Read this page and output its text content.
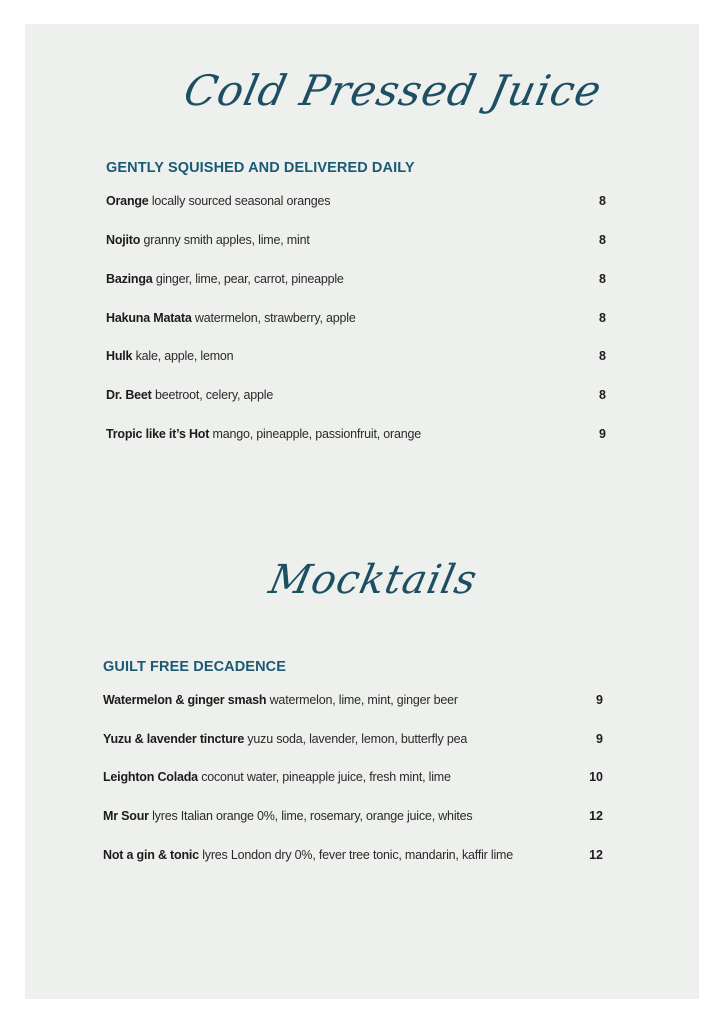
Cold Pressed Juice
GENTLY SQUISHED AND DELIVERED DAILY
Orange locally sourced seasonal oranges	8
Nojito granny smith apples, lime, mint	8
Bazinga ginger, lime, pear, carrot, pineapple	8
Hakuna Matata watermelon, strawberry, apple	8
Hulk kale, apple, lemon	8
Dr. Beet beetroot, celery, apple	8
Tropic like it’s Hot mango, pineapple, passionfruit, orange	9
Mocktails
GUILT FREE DECADENCE
Watermelon & ginger smash watermelon, lime, mint, ginger beer	9
Yuzu & lavender tincture yuzu soda, lavender, lemon, butterfly pea	9
Leighton Colada coconut water, pineapple juice, fresh mint, lime	10
Mr Sour lyres Italian orange 0%, lime, rosemary, orange juice, whites	12
Not a gin & tonic lyres London dry 0%, fever tree tonic, mandarin, kaffir lime	12
